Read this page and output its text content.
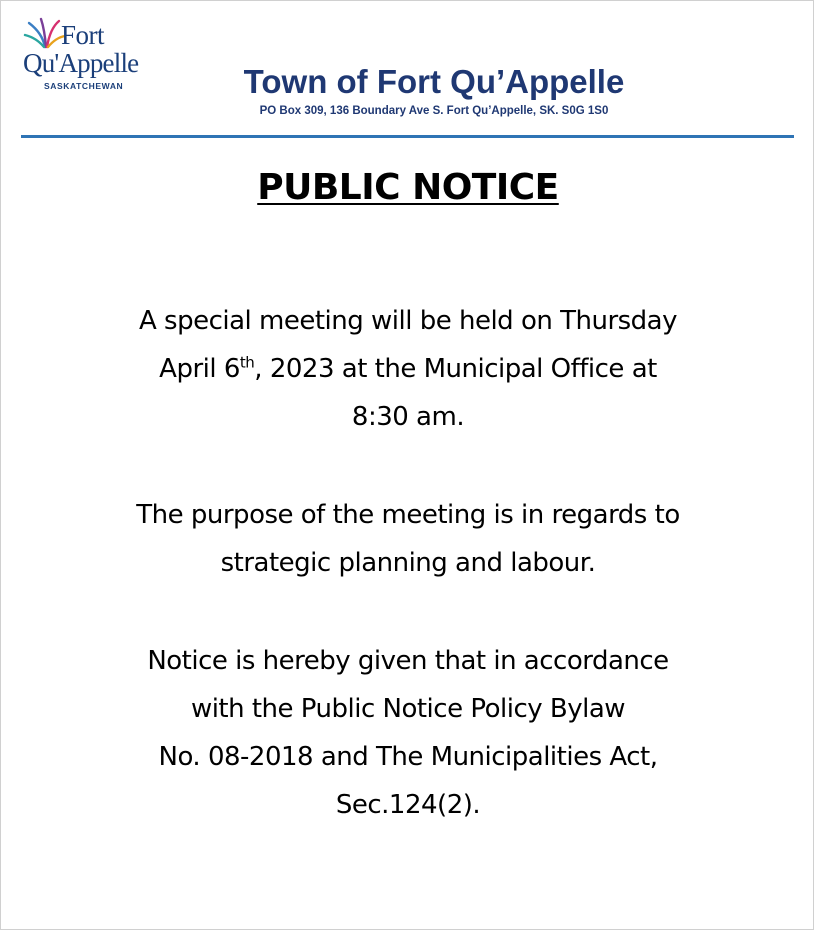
Fort
Qu'Appelle
SASKATCHEWAN	Town of Fort Qu’Appelle
PO Box 309, 136 Boundary Ave S. Fort Qu’Appelle, SK. S0G 1S0
PUBLIC NOTICE
A special meeting will be held on Thursday
April 6th, 2023 at the Municipal Office at
8:30 am.
The purpose of the meeting is in regards to
strategic planning and labour.
Notice is hereby given that in accordance
with the Public Notice Policy Bylaw
No. 08-2018 and The Municipalities Act,
Sec.124(2).
